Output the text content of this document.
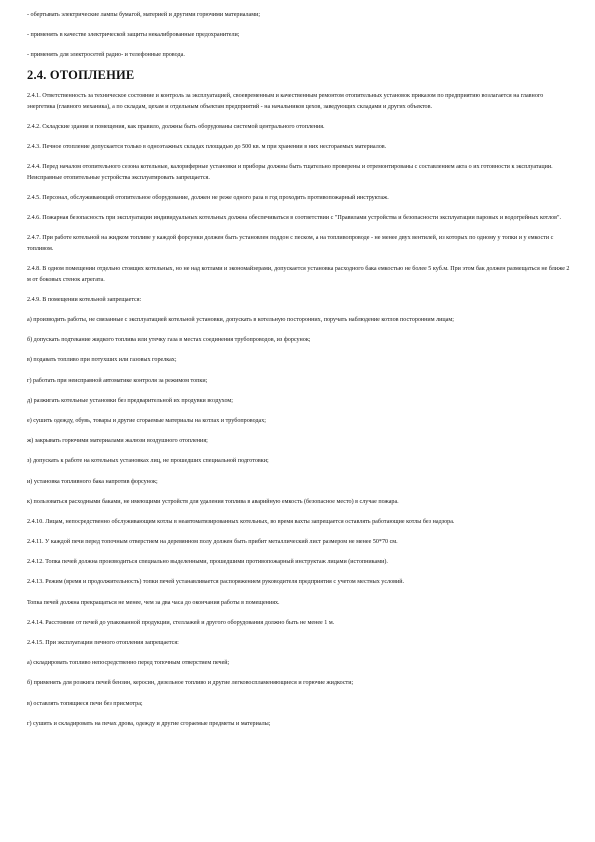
- обертывать электрические лампы бумагой, материей и другими горючими материалами;

- применять в качестве электрической защиты некалиброванные предохранители;

- применять для электросетей радио- и телефонные провода.

2.4. ОТОПЛЕНИЕ

2.4.1. Ответственность за техническое состояние и контроль за эксплуатацией, своевременным и качественным ремонтом отопительных установок приказом по предприятию возлагается на главного энергетика (главного механика), а по складам, цехам и отдельным объектам предприятий - на начальников цехов, заведующих складами и других объектов.

2.4.2. Складские здания и помещения, как правило, должны быть оборудованы системой центрального отопления.

2.4.3. Печное отопление допускается только в одноэтажных складах площадью до 500 кв. м при хранении в них несгораемых материалов.

2.4.4. Перед началом отопительного сезона котельные, калориферные установки и приборы должны быть тщательно проверены и отремонтированы с составлением акта о их готовности к эксплуатации. Неисправные отопительные устройства эксплуатировать запрещается.

2.4.5. Персонал, обслуживающий отопительное оборудование, должен не реже одного раза в год проходить противопожарный инструктаж.

2.4.6. Пожарная безопасность при эксплуатации индивидуальных котельных должна обеспечиваться в соответствии с "Правилами устройства и безопасности эксплуатации паровых и водогрейных котлов".

2.4.7. При работе котельной на жидком топливе у каждой форсунки должен быть установлен поддон с песком, а на топливопроводе - не менее двух вентилей, из которых по одному у топки и у емкости с топливом.

2.4.8. В одном помещении отдельно стоящих котельных, но не над котлами и экономайзерами, допускается установка расходного бака емкостью не более 5 куб.м. При этом бак должен размещаться не ближе 2 м от боковых стенок агрегата.

2.4.9. В помещении котельной запрещается:

а) производить работы, не связанные с эксплуатацией котельной установки, допускать в котельную посторонних, поручать наблюдение котлов посторонним лицам;

б) допускать подтекание жидкого топлива или утечку газа в местах соединения трубопроводов, из форсунок;

в) подавать топливо при потухших или газовых горелках;

г) работать при неисправной автоматике контроля за режимом топки;

д) разжигать котельные установки без предварительной их продувки воздухом;

е) сушить одежду, обувь, товары и другие сгораемые материалы на котлах и трубопроводах;

ж) закрывать горючими материалами жалюзи воздушного отопления;

з) допускать к работе на котельных установках лиц, не прошедших специальной подготовки;

и) установка топливного бака напротив форсунок;

к) пользоваться расходными баками, не имеющими устройств для удаления топлива в аварийную емкость (безопасное место) в случае пожара.

2.4.10. Лицам, непосредственно обслуживающим котлы в неавтоматизированных котельных, во время вахты запрещается оставлять работающие котлы без надзора.

2.4.11. У каждой печи перед топочным отверстием на деревянном полу должен быть прибит металлический лист размером не менее 50*70 см.

2.4.12. Топка печей должна производиться специально выделенными, прошедшими противопожарный инструктаж лицами (истопниками).

2.4.13. Режим (время и продолжительность) топки печей устанавливается распоряжением руководителя предприятия с учетом местных условий.

Топка печей должна прекращаться не менее, чем за два часа до окончания работы в помещениях.

2.4.14. Расстояние от печей до упакованной продукции, стеллажей и другого оборудования должно быть не менее 1 м.

2.4.15. При эксплуатации печного отопления запрещается:

а) складировать топливо непосредственно перед топочным отверстием печей;

б) применять для розжига печей бензин, керосин, дизельное топливо и другие легковоспламеняющиеся и горючие жидкости;

в) оставлять топящиеся печи без присмотра;

г) сушить и складировать на печах дрова, одежду и другие сгораемые предметы и материалы;
